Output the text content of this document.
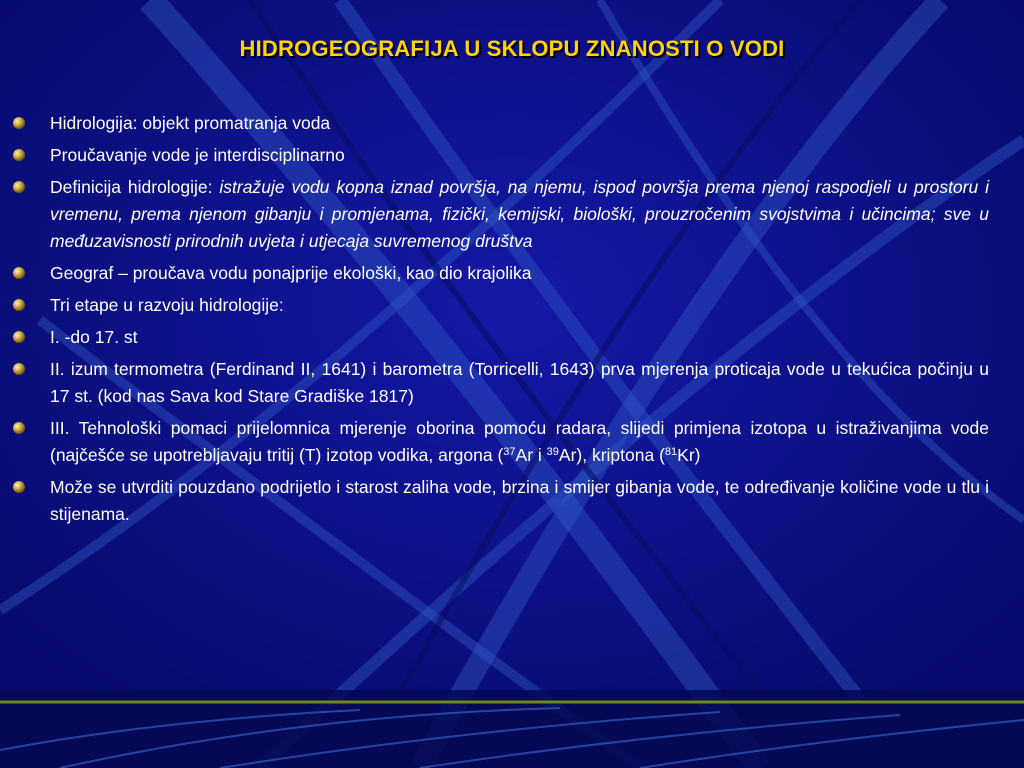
HIDROGEOGRAFIJA U SKLOPU ZNANOSTI O VODI
Hidrologija: objekt promatranja voda
Proučavanje vode je interdisciplinarno
Definicija hidrologije: istražuje vodu kopna iznad površja, na njemu, ispod površja prema njenoj raspodjeli u prostoru i vremenu, prema njenom gibanju i promjenama, fizički, kemijski, biološki, prouzročenim svojstvima i učincima; sve u međuzavisnosti prirodnih uvjeta i utjecaja suvremenog društva
Geograf – proučava vodu ponajprije ekološki, kao dio krajolika
Tri etape u razvoju hidrologije:
I. -do 17. st
II. izum termometra (Ferdinand II, 1641) i barometra (Torricelli, 1643) prva mjerenja proticaja vode u tekućica počinju u 17 st. (kod nas Sava kod Stare Gradiške 1817)
III. Tehnološki pomaci prijelomnica mjerenje oborina pomoću radara, slijedi primjena izotopa u istraživanjima vode (najčešće se upotrebljavaju tritij (T) izotop vodika, argona ($^{37}$Ar i $^{39}$Ar), kriptona ($^{81}$Kr)
Može se utvrditi pouzdano podrijetlo i starost zaliha vode, brzina i smijer gibanja vode, te određivanje količine vode u tlu i stijenama.
